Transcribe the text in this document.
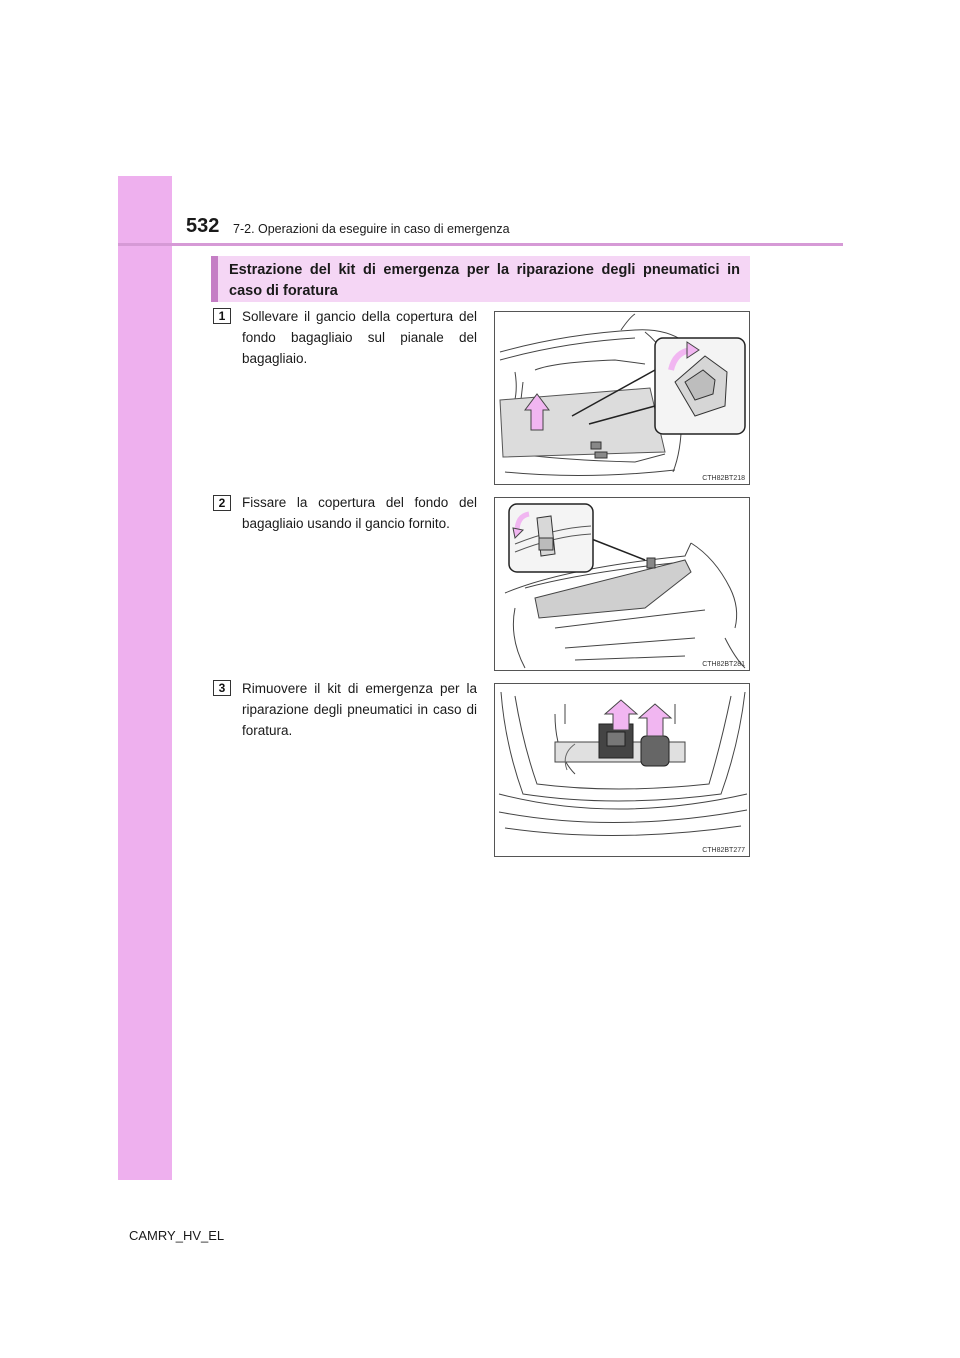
532 7-2. Operazioni da eseguire in caso di emergenza
Estrazione del kit di emergenza per la riparazione degli pneumatici in caso di foratura
1	Sollevare il gancio della copertura del fondo bagagliaio sul pianale del bagagliaio.
CTH82BT218
2	Fissare la copertura del fondo del bagagliaio usando il gancio fornito.
CTH82BT281
3	Rimuovere il kit di emergenza per la riparazione degli pneumatici in caso di foratura.
CTH82BT277
CAMRY_HV_EL
